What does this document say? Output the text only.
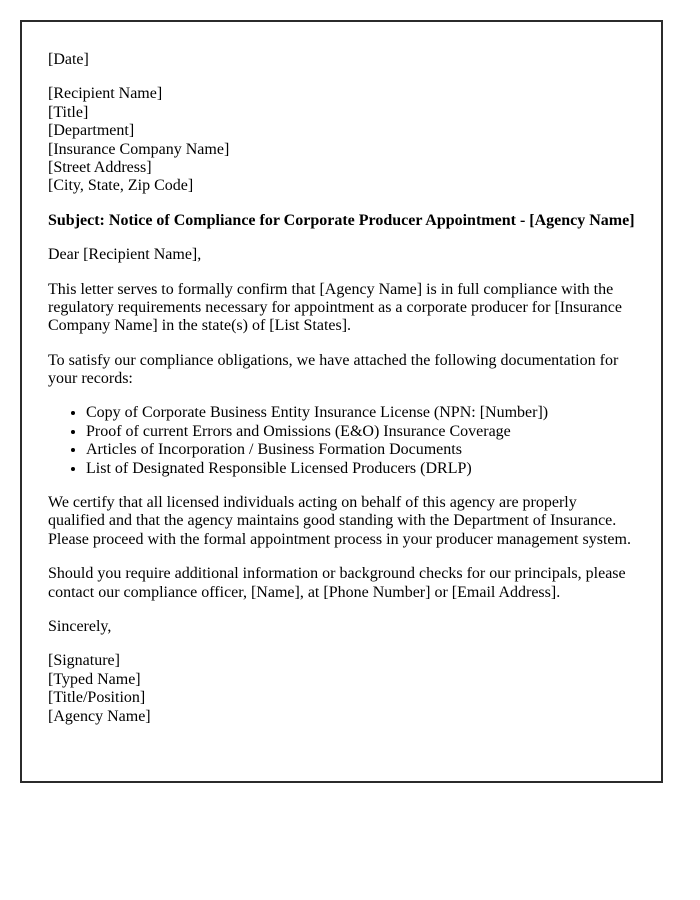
[Date]

[Recipient Name]
[Title]
[Department]
[Insurance Company Name]
[Street Address]
[City, State, Zip Code]

Subject: Notice of Compliance for Corporate Producer Appointment - [Agency Name]

Dear [Recipient Name],

This letter serves to formally confirm that [Agency Name] is in full compliance with the regulatory requirements necessary for appointment as a corporate producer for [Insurance Company Name] in the state(s) of [List States].

To satisfy our compliance obligations, we have attached the following documentation for your records:

• Copy of Corporate Business Entity Insurance License (NPN: [Number])
• Proof of current Errors and Omissions (E&O) Insurance Coverage
• Articles of Incorporation / Business Formation Documents
• List of Designated Responsible Licensed Producers (DRLP)

We certify that all licensed individuals acting on behalf of this agency are properly qualified and that the agency maintains good standing with the Department of Insurance. Please proceed with the formal appointment process in your producer management system.

Should you require additional information or background checks for our principals, please contact our compliance officer, [Name], at [Phone Number] or [Email Address].

Sincerely,

[Signature]
[Typed Name]
[Title/Position]
[Agency Name]
